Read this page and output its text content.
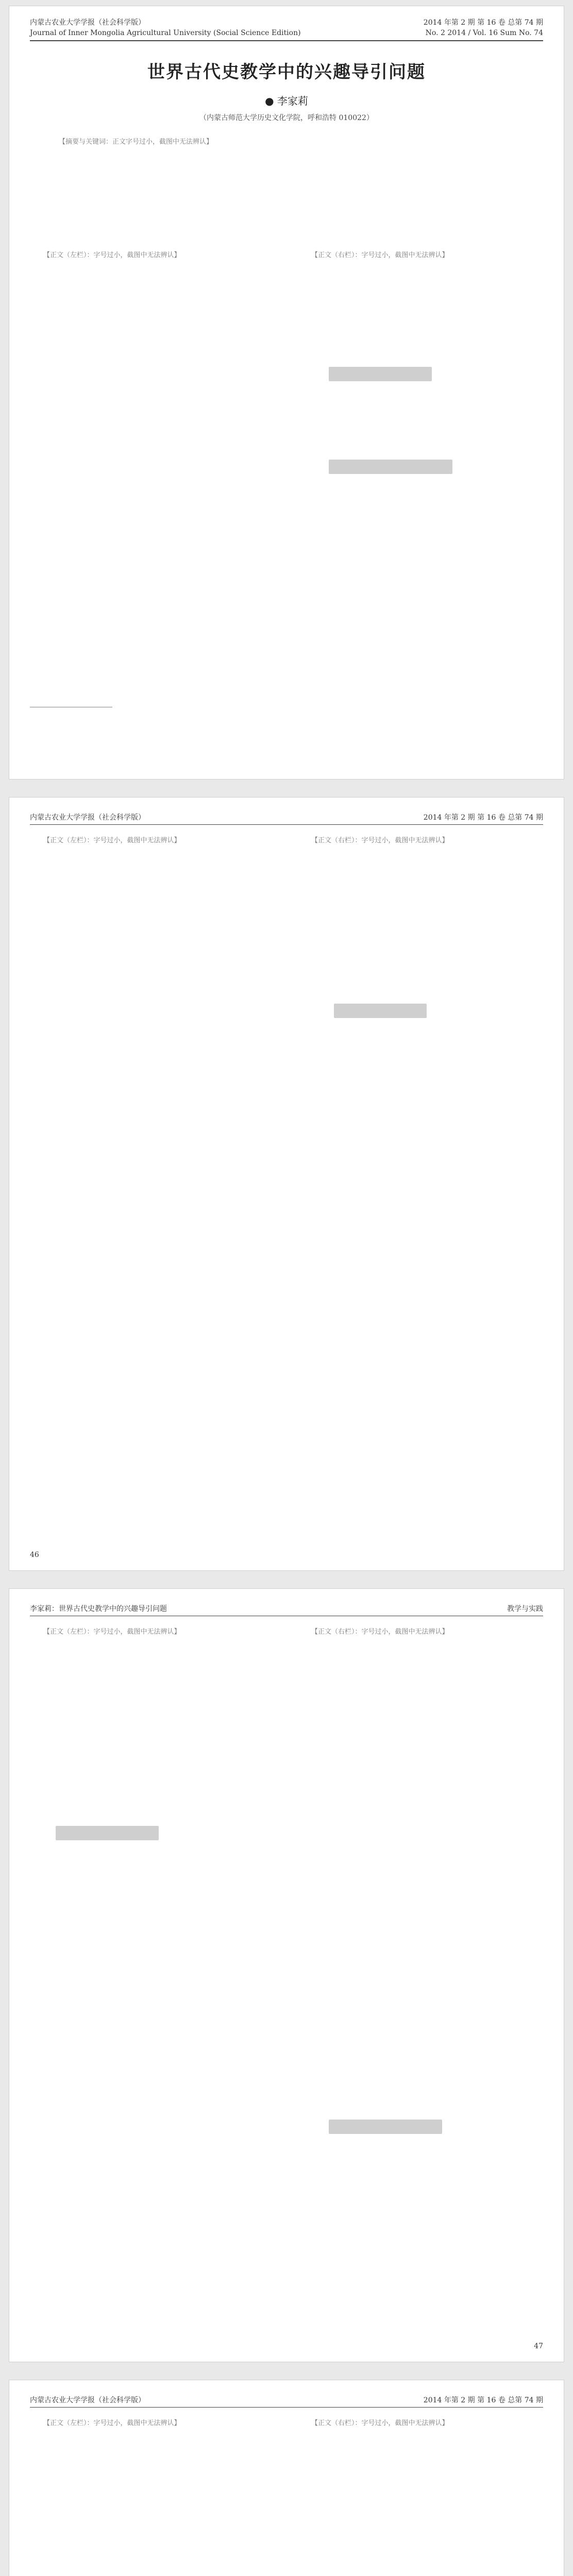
内蒙古农业大学学报（社会科学版）
Journal of Inner Mongolia Agricultural University (Social Science Edition)
2014 年第 2 期 第 16 卷 总第 74 期
No. 2 2014 / Vol. 16 Sum No. 74
世界古代史教学中的兴趣导引问题
● 李家莉
（内蒙古师范大学历史文化学院，呼和浩特 010022）

【摘要与关键词：正文字号过小，截图中无法辨认】

【正文（左栏）：字号过小，截图中无法辨认】	【正文（右栏）：字号过小，截图中无法辨认】

内蒙古农业大学学报（社会科学版）	2014 年第 2 期 第 16 卷 总第 74 期

【正文（左栏）：字号过小，截图中无法辨认】	【正文（右栏）：字号过小，截图中无法辨认】

46
李家莉：世界古代史教学中的兴趣导引问题	教学与实践

【正文（左栏）：字号过小，截图中无法辨认】	【正文（右栏）：字号过小，截图中无法辨认】

47
内蒙古农业大学学报（社会科学版）	2014 年第 2 期 第 16 卷 总第 74 期

【正文（左栏）：字号过小，截图中无法辨认】	【正文（右栏）：字号过小，截图中无法辨认】
